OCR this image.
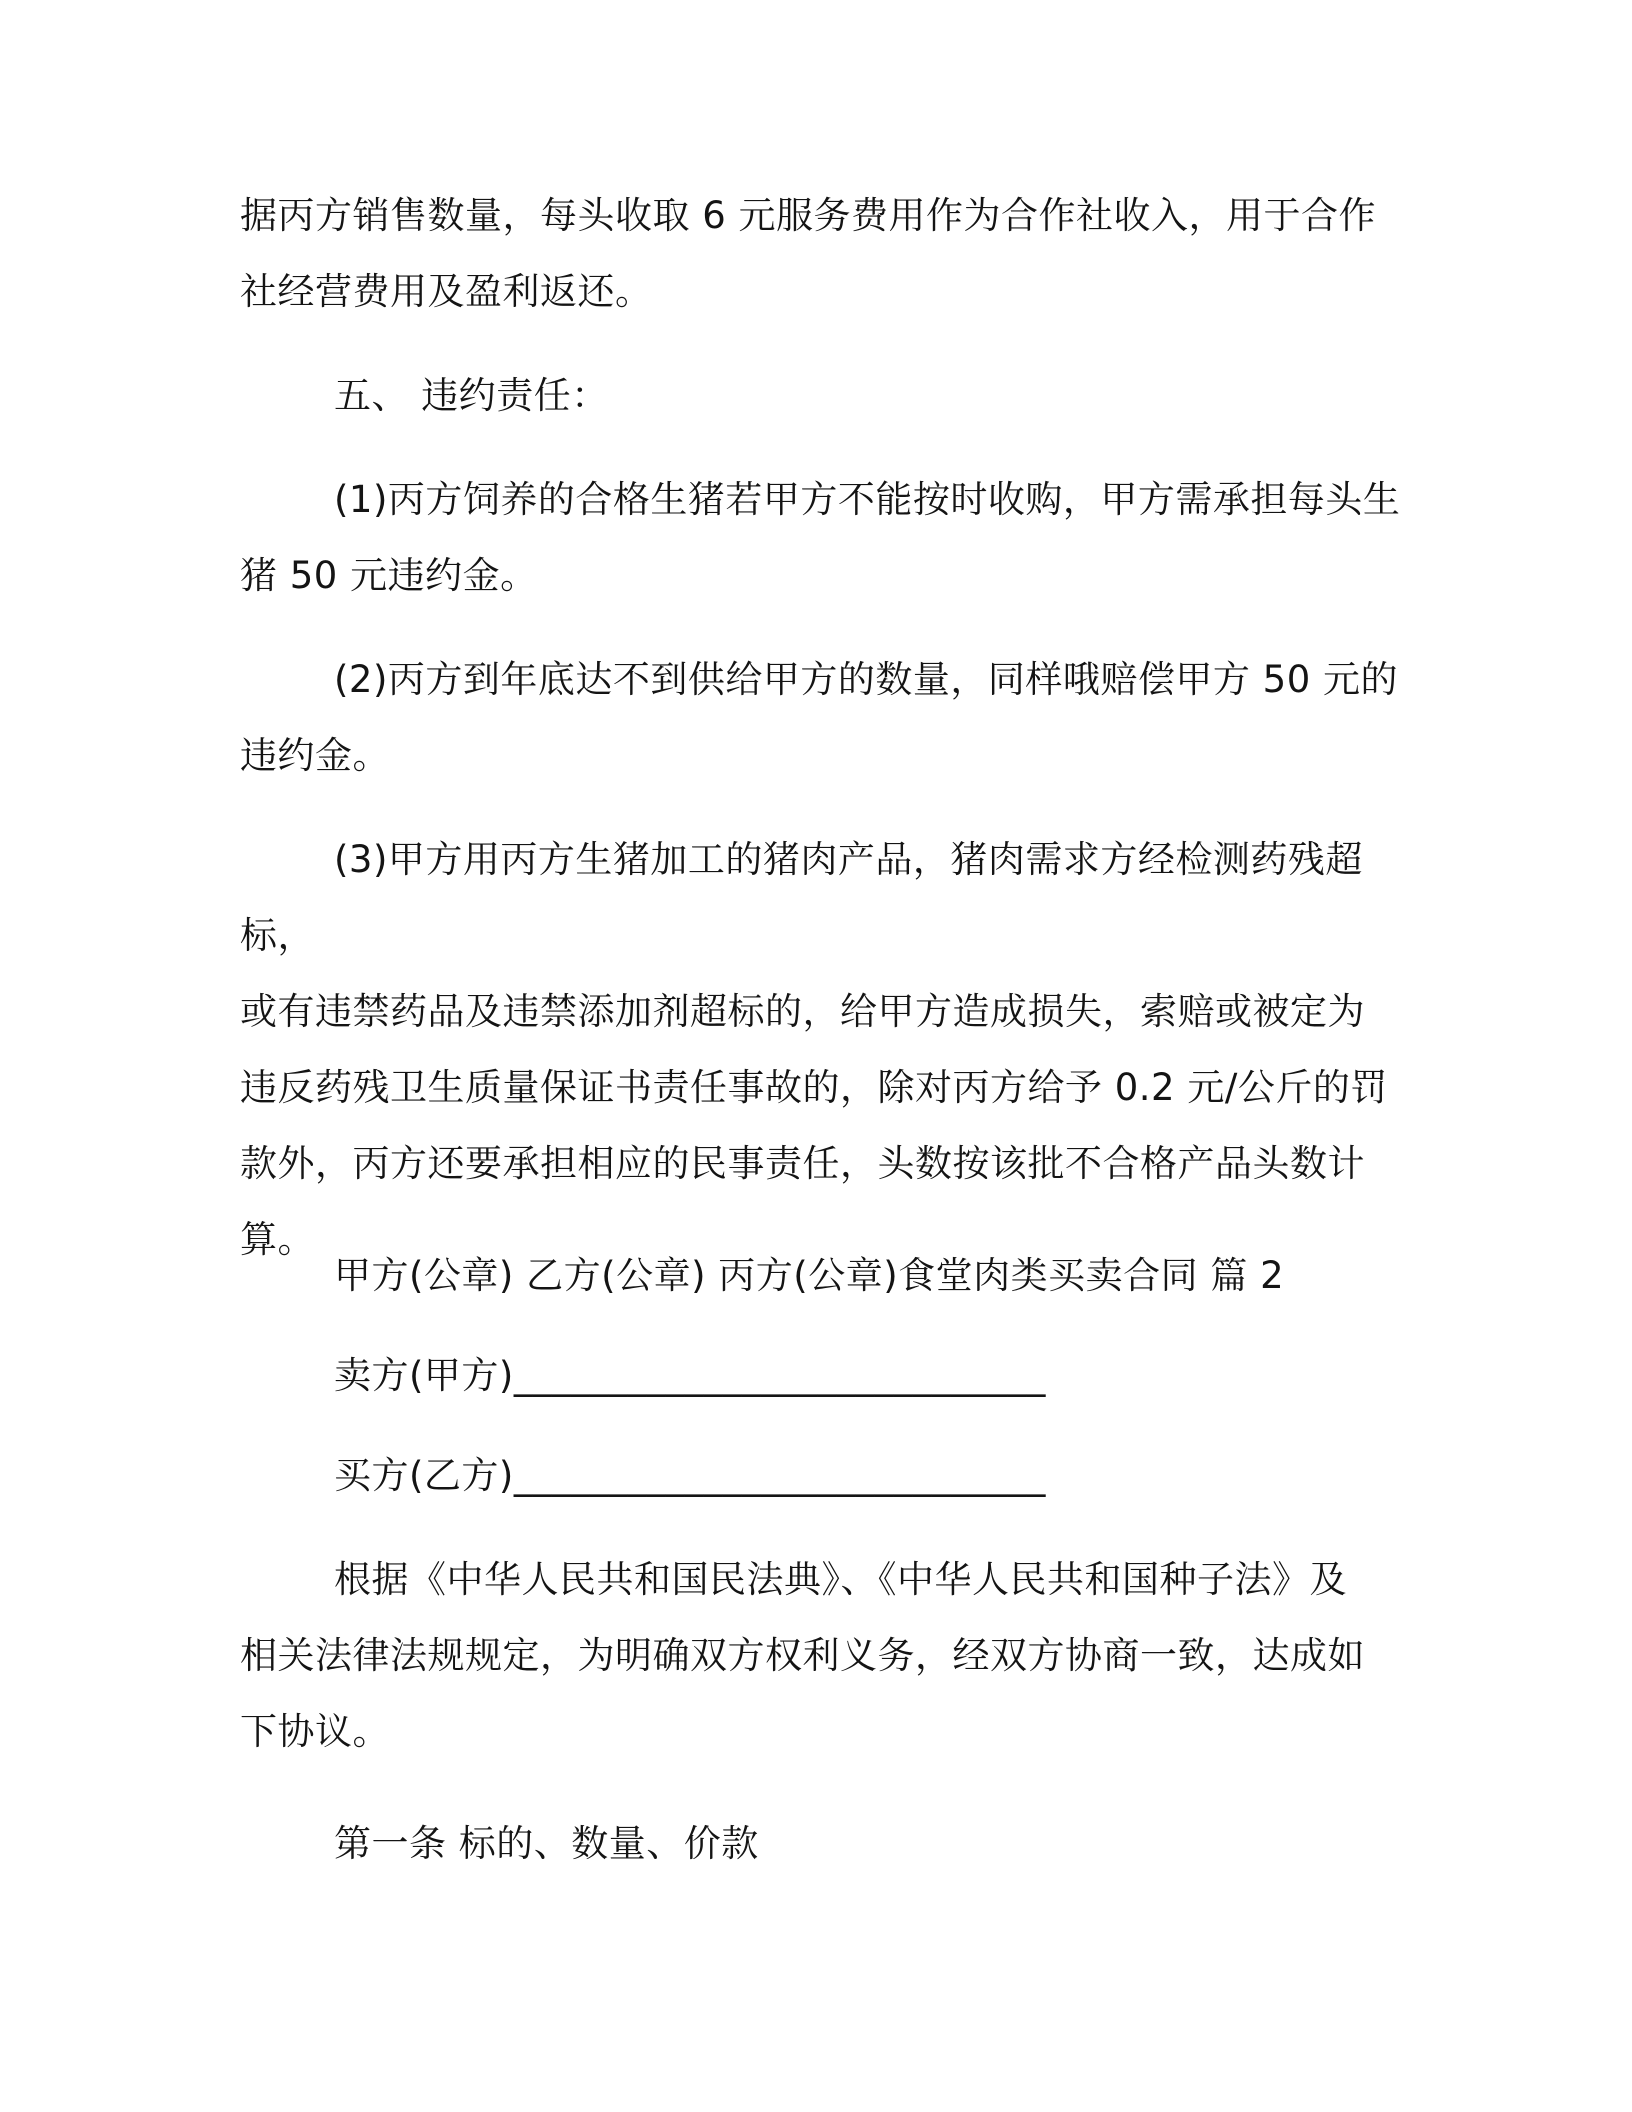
据丙方销售数量，每头收取 6 元服务费用作为合作社收入，用于合作
社经营费用及盈利返还。
五、 违约责任：
(1)丙方饲养的合格生猪若甲方不能按时收购，甲方需承担每头生
猪 50 元违约金。
(2)丙方到年底达不到供给甲方的数量，同样哦赔偿甲方 50 元的
违约金。
(3)甲方用丙方生猪加工的猪肉产品，猪肉需求方经检测药残超标，
或有违禁药品及违禁添加剂超标的，给甲方造成损失，索赔或被定为
违反药残卫生质量保证书责任事故的，除对丙方给予 0.2 元/公斤的罚
款外，丙方还要承担相应的民事责任，头数按该批不合格产品头数计
算。
甲方(公章) 乙方(公章) 丙方(公章)食堂肉类买卖合同 篇 2
卖方(甲方)____________________________
买方(乙方)____________________________
根据《中华人民共和国民法典》、《中华人民共和国种子法》及
相关法律法规规定，为明确双方权利义务，经双方协商一致，达成如
下协议。
第一条 标的、数量、价款
